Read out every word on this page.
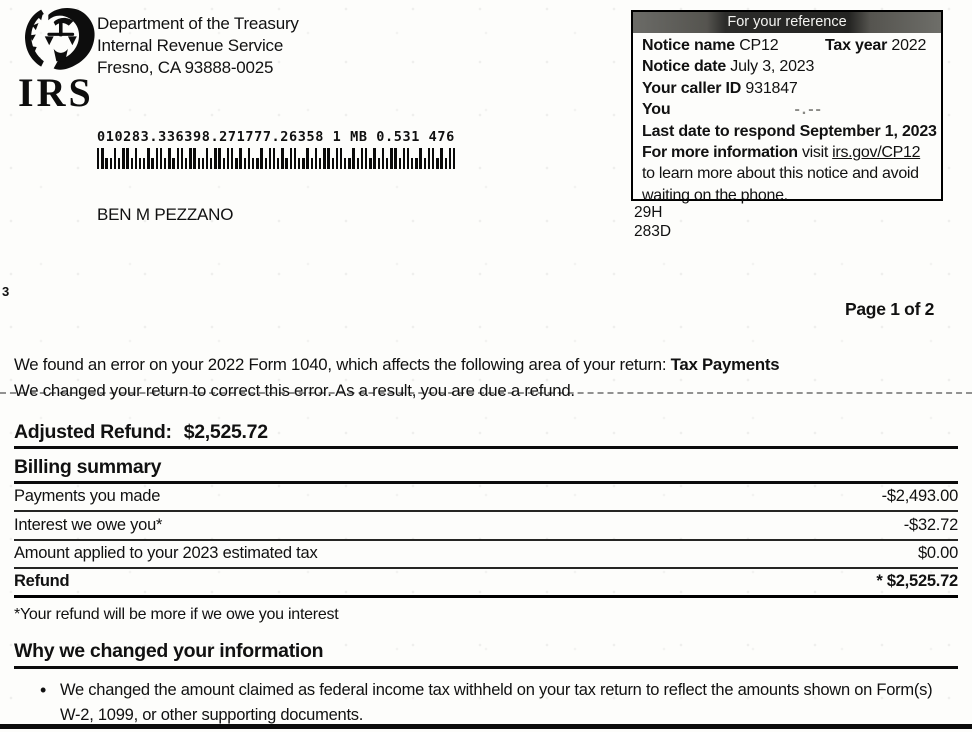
IRS
Department of the Treasury
Internal Revenue Service
Fresno, CA 93888-0025
For your reference
Notice name CP12	Tax year 2022
Notice date July 3, 2023
Your caller ID 931847
You	-.--
Last date to respond September 1, 2023
For more information visit irs.gov/CP12 to learn more about this notice and avoid waiting on the phone.
29H
283D
010283.336398.271777.26358 1 MB 0.531 476
BEN M PEZZANO
3
Page 1 of 2
We found an error on your 2022 Form 1040, which affects the following area of your return: Tax Payments
We changed your return to correct this error. As a result, you are due a refund.
Adjusted Refund: $2,525.72
Billing summary
Payments you made	-$2,493.00
Interest we owe you*	-$32.72
Amount applied to your 2023 estimated tax	$0.00
Refund	* $2,525.72
*Your refund will be more if we owe you interest
Why we changed your information
• We changed the amount claimed as federal income tax withheld on your tax return to reflect the amounts shown on Form(s) W-2, 1099, or other supporting documents.
